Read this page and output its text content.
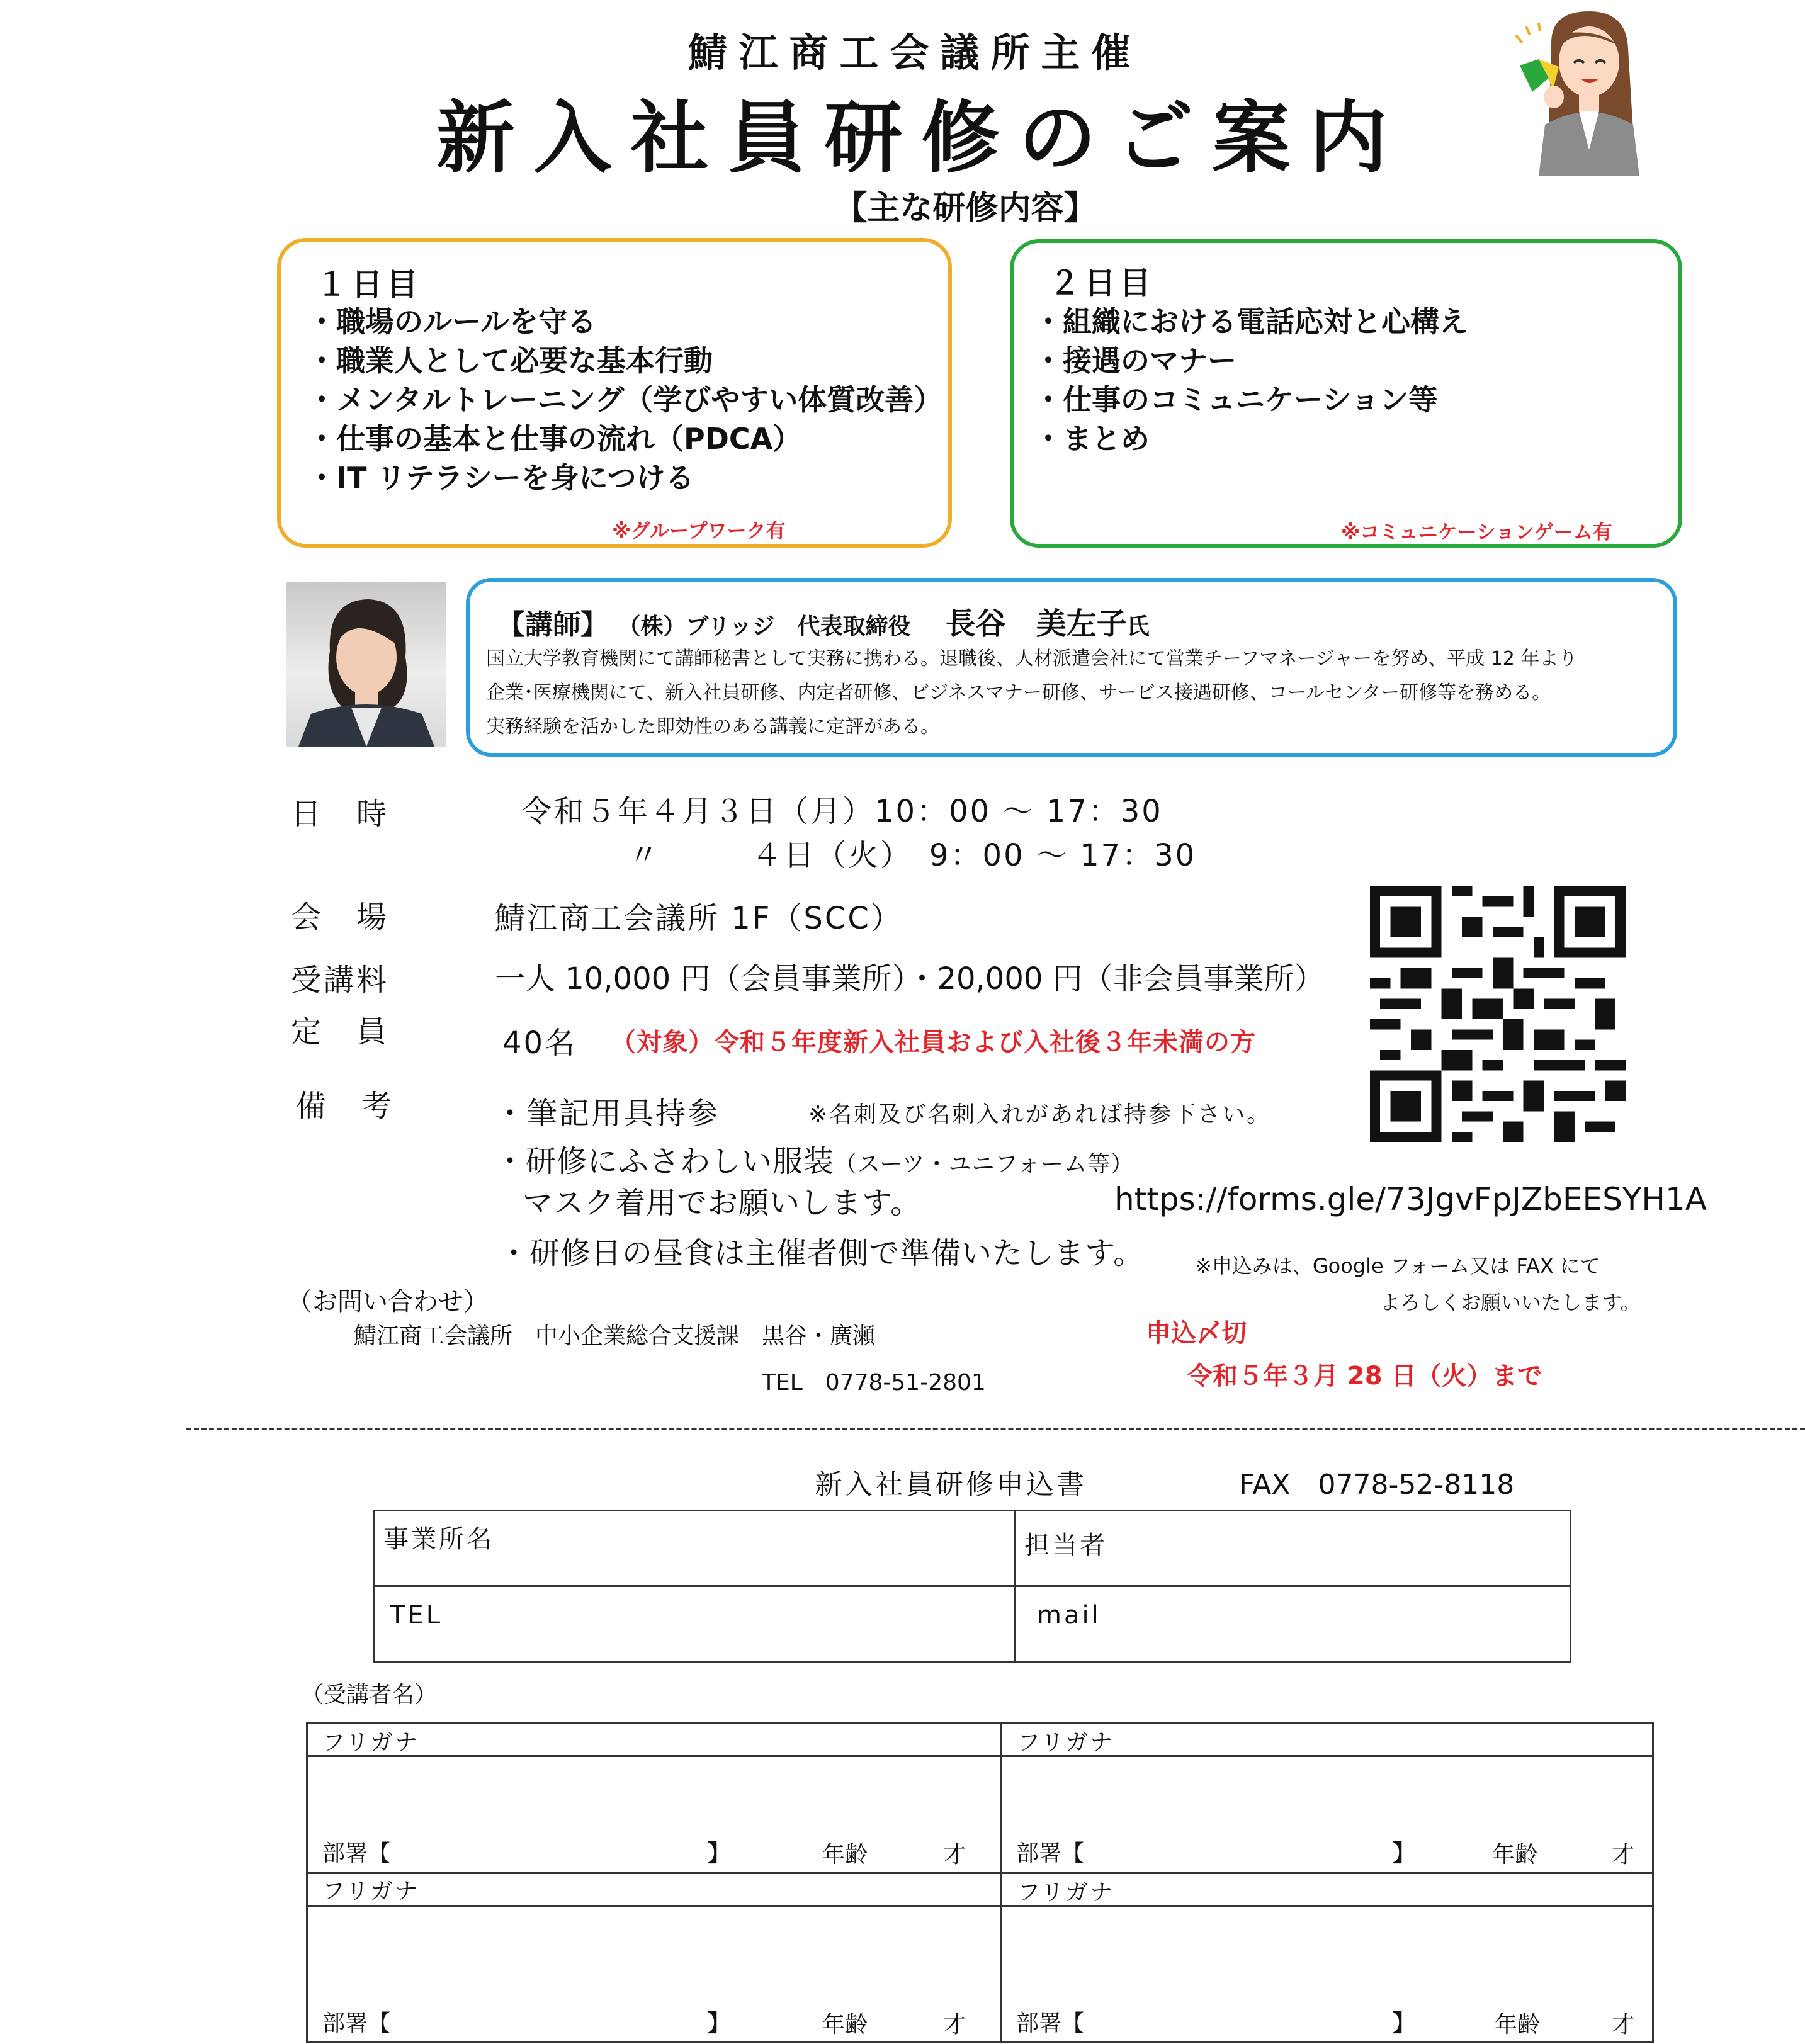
鯖江商工会議所主催
新入社員研修のご案内
【主な研修内容】
１日目
・職場のルールを守る
・職業人として必要な基本行動
・メンタルトレーニング（学びやすい体質改善）
・仕事の基本と仕事の流れ（PDCA）
・IT リテラシーを身につける
※グループワーク有
２日目
・組織における電話応対と心構え
・接遇のマナー
・仕事のコミュニケーション等
・まとめ
※コミュニケーションゲーム有
【講師】 （株）ブリッジ　代表取締役 長谷　美左子氏
国立大学教育機関にて講師秘書として実務に携わる。退職後、人材派遣会社にて営業チーフマネージャーを努め、平成 12 年より
企業･医療機関にて、新入社員研修、内定者研修、ビジネスマナー研修、サービス接遇研修、コールセンター研修等を務める。
実務経験を活かした即効性のある講義に定評がある。
日　時	令和５年４月３日（月）10：00 ～ 17：30
〃	４日（火）　9：00 ～ 17：30
会　場	鯖江商工会議所 1F（SCC）
受講料	一人 10,000 円（会員事業所）・20,000 円（非会員事業所）
定　員	40名 （対象）令和５年度新入社員および入社後３年未満の方
備　考	・筆記用具持参	※名刺及び名刺入れがあれば持参下さい。
・研修にふさわしい服装（スーツ・ユニフォーム等）
マスク着用でお願いします。
・研修日の昼食は主催者側で準備いたします。
https://forms.gle/73JgvFpJZbEESYH1A
※申込みは、Google フォーム又は FAX にて
よろしくお願いいたします。
（お問い合わせ）
鯖江商工会議所　中小企業総合支援課　黒谷・廣瀬
TEL　0778-51-2801
申込〆切
令和５年３月 28 日（火）まで
新入社員研修申込書	FAX　0778-52-8118
事業所名	担当者
TEL	mail
（受講者名）
フリガナ
部署【	】	年齢	才
フリガナ
部署【	】	年齢	才
フリガナ
部署【	】	年齢	才
フリガナ
部署【	】	年齢	才
